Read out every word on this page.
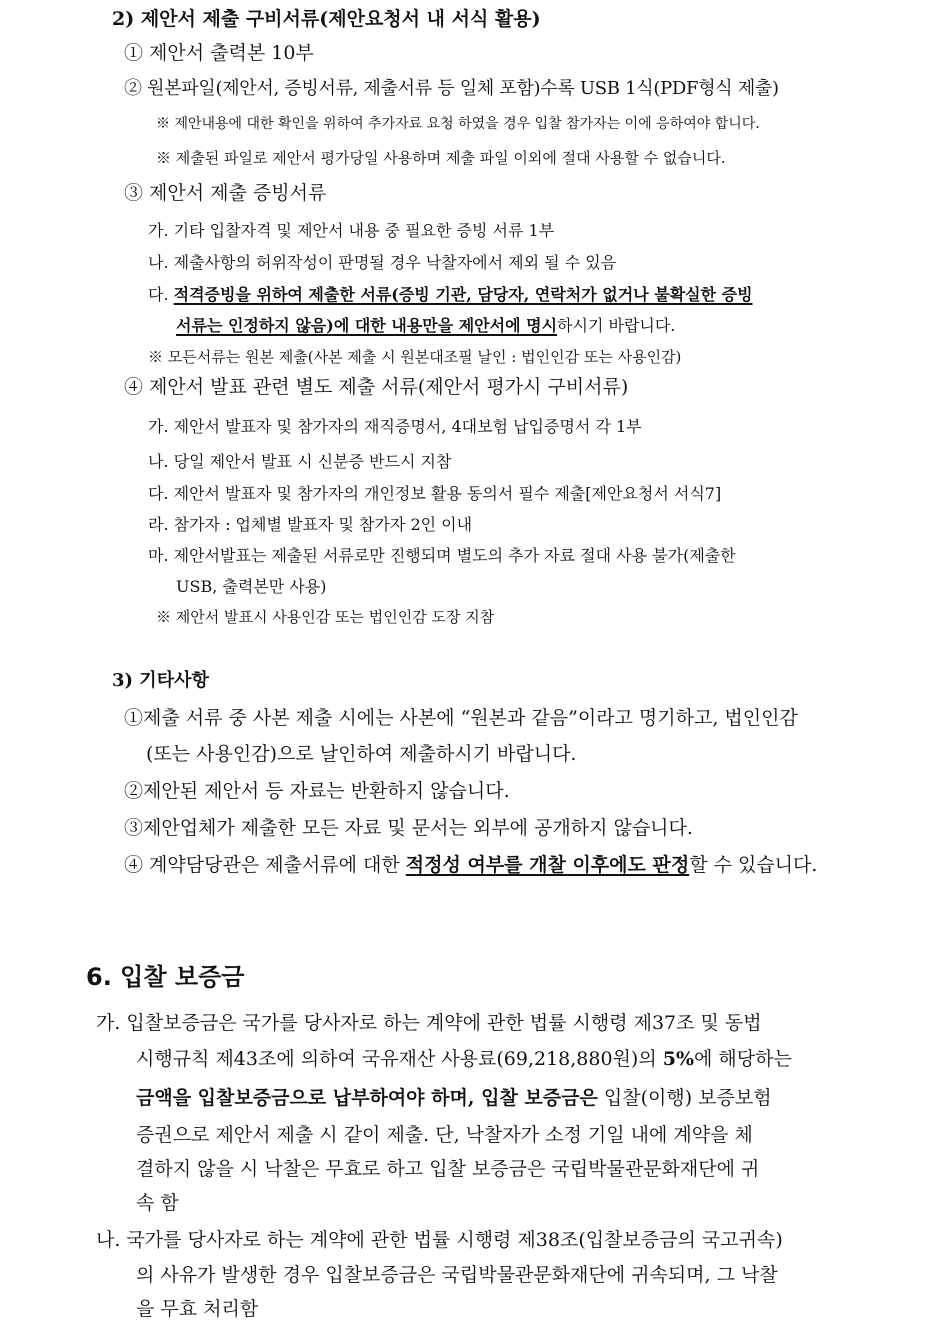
2) 제안서 제출 구비서류(제안요청서 내 서식 활용)
① 제안서 출력본 10부
② 원본파일(제안서, 증빙서류, 제출서류 등 일체 포함)수록 USB 1식(PDF형식 제출)
※ 제안내용에 대한 확인을 위하여 추가자료 요청 하였을 경우 입찰 참가자는 이에 응하여야 합니다.
※ 제출된 파일로 제안서 평가당일 사용하며 제출 파일 이외에 절대 사용할 수 없습니다.
③ 제안서 제출 증빙서류
가. 기타 입찰자격 및 제안서 내용 중 필요한 증빙 서류 1부
나. 제출사항의 허위작성이 판명될 경우 낙찰자에서 제외 될 수 있음
다. 적격증빙을 위하여 제출한 서류(증빙 기관, 담당자, 연락처가 없거나 불확실한 증빙
서류는 인정하지 않음)에 대한 내용만을 제안서에 명시하시기 바랍니다.
※ 모든서류는 원본 제출(사본 제출 시 원본대조필 날인 : 법인인감 또는 사용인감)
④ 제안서 발표 관련 별도 제출 서류(제안서 평가시 구비서류)
가. 제안서 발표자 및 참가자의 재직증명서, 4대보험 납입증명서 각 1부
나. 당일 제안서 발표 시 신분증 반드시 지참
다. 제안서 발표자 및 참가자의 개인정보 활용 동의서 필수 제출[제안요청서 서식7]
라. 참가자 : 업체별 발표자 및 참가자 2인 이내
마. 제안서발표는 제출된 서류로만 진행되며 별도의 추가 자료 절대 사용 불가(제출한
USB, 출력본만 사용)
※ 제안서 발표시 사용인감 또는 법인인감 도장 지참
3) 기타사항
①제출 서류 중 사본 제출 시에는 사본에 “원본과 같음”이라고 명기하고, 법인인감
(또는 사용인감)으로 날인하여 제출하시기 바랍니다.
②제안된 제안서 등 자료는 반환하지 않습니다.
③제안업체가 제출한 모든 자료 및 문서는 외부에 공개하지 않습니다.
④ 계약담당관은 제출서류에 대한 적정성 여부를 개찰 이후에도 판정할 수 있습니다.
6. 입찰 보증금
가. 입찰보증금은 국가를 당사자로 하는 계약에 관한 법률 시행령 제37조 및 동법
시행규칙 제43조에 의하여 국유재산 사용료(69,218,880원)의 5%에 해당하는
금액을 입찰보증금으로 납부하여야 하며, 입찰 보증금은 입찰(이행) 보증보험
증권으로 제안서 제출 시 같이 제출. 단, 낙찰자가 소정 기일 내에 계약을 체
결하지 않을 시 낙찰은 무효로 하고 입찰 보증금은 국립박물관문화재단에 귀
속 함
나. 국가를 당사자로 하는 계약에 관한 법률 시행령 제38조(입찰보증금의 국고귀속)
의 사유가 발생한 경우 입찰보증금은 국립박물관문화재단에 귀속되며, 그 낙찰
을 무효 처리함
